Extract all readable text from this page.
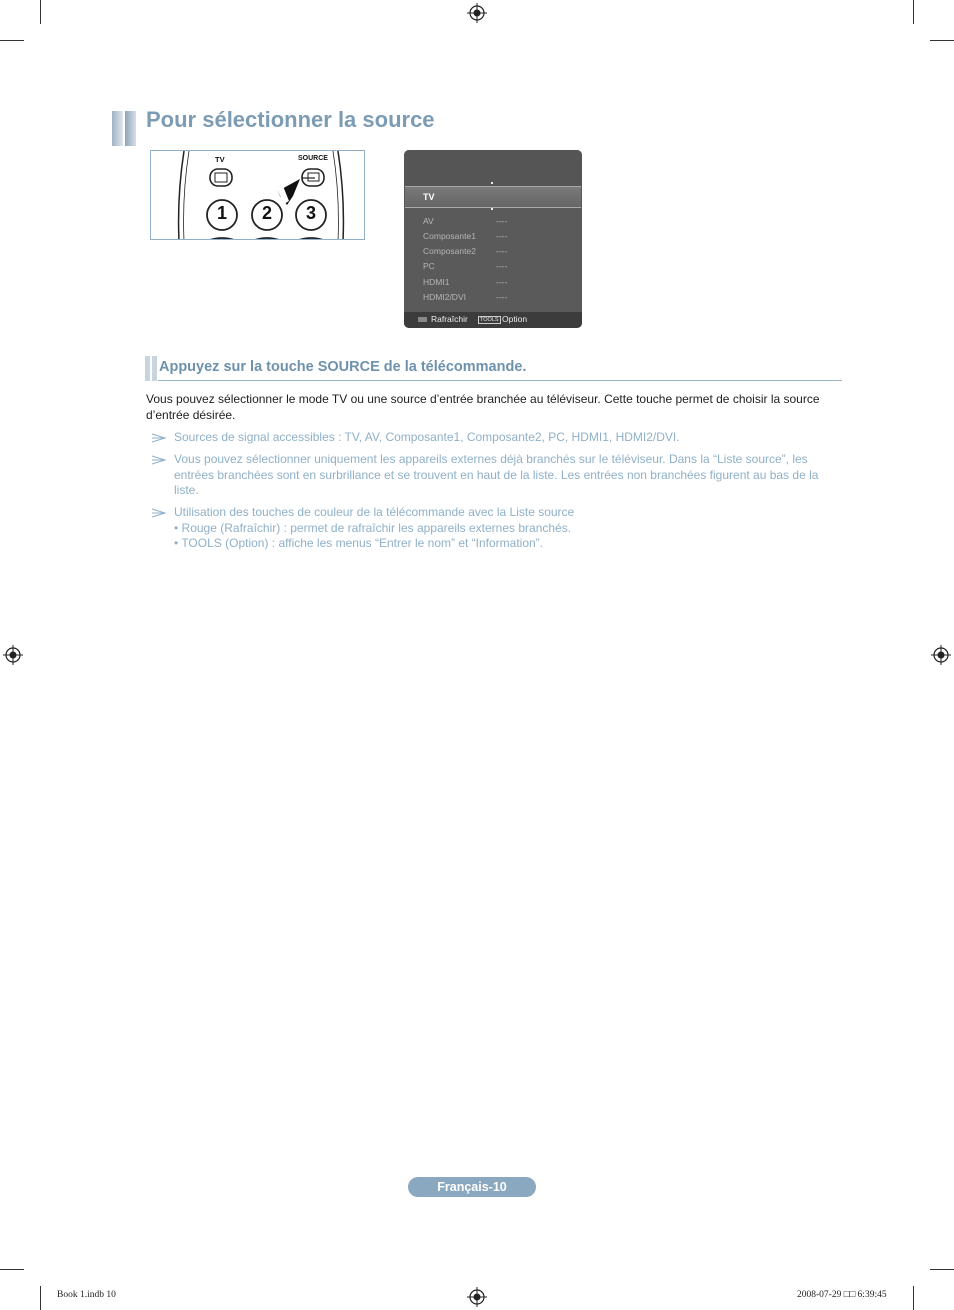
Pour sélectionner la source
TV	SOURCE
1 2 3
TV
AV	----
Composante1 ----
Composante2 ----
PC	----
HDMI1	----
HDMI2/DVI	----
Rafraîchir	TOOLS Option
Appuyez sur la touche SOURCE de la télécommande.
Vous pouvez sélectionner le mode TV ou une source d’entrée branchée au téléviseur. Cette touche permet de choisir la source d’entrée désirée.
Sources de signal accessibles : TV, AV, Composante1, Composante2, PC, HDMI1, HDMI2/DVI.
Vous pouvez sélectionner uniquement les appareils externes déjà branchés sur le téléviseur. Dans la “Liste source”, les entrées branchées sont en surbrillance et se trouvent en haut de la liste. Les entrées non branchées figurent au bas de la liste.
Utilisation des touches de couleur de la télécommande avec la Liste source
• Rouge (Rafraîchir) : permet de rafraîchir les appareils externes branchés.
• TOOLS (Option) : affiche les menus “Entrer le nom” et “Information”.
Français-10
Book 1.indb 10	2008-07-29 □□ 6:39:45
